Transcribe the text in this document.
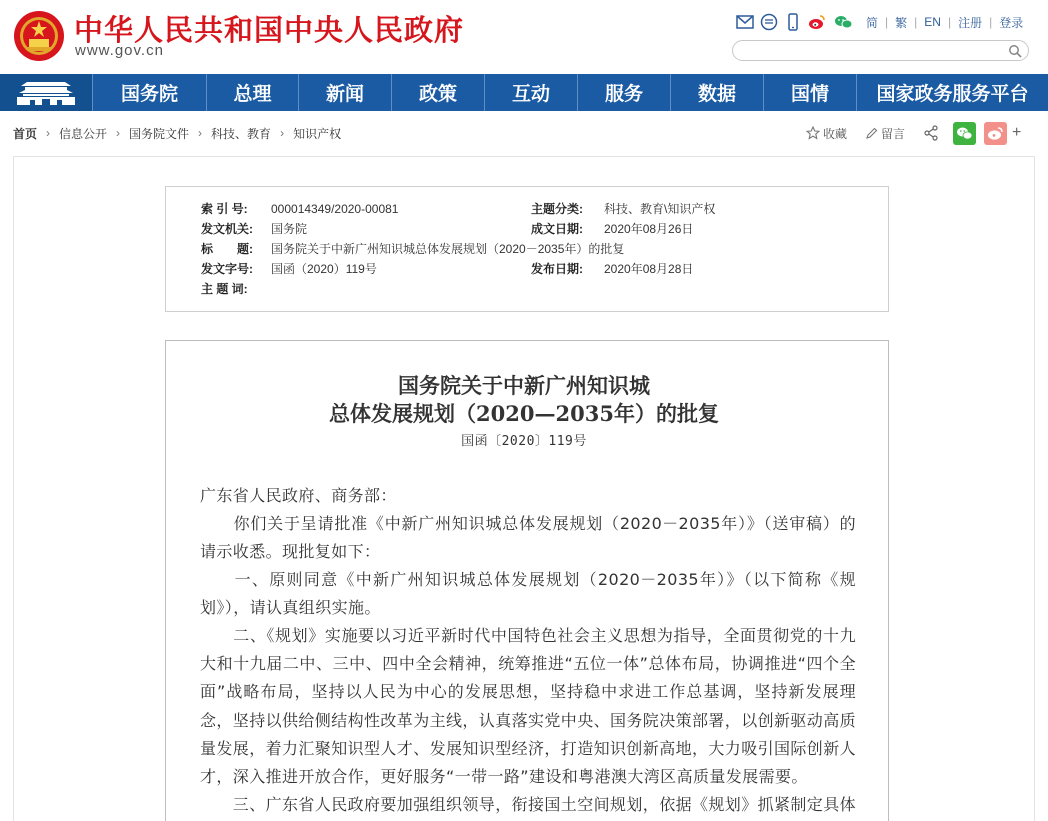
中华人民共和国中央人民政府
www.gov.cn
简 | 繁 | EN | 注册 | 登录
国务院	总理	新闻	政策	互动	服务	数据	国情	国家政务服务平台
首页 › 信息公开 › 国务院文件 › 科技、教育 › 知识产权	收藏	留言	+
索 引 号: 000014349/2020-00081	主题分类: 科技、教育\知识产权
发文机关: 国务院	成文日期: 2020年08月26日
标　　题: 国务院关于中新广州知识城总体发展规划（2020－2035年）的批复
发文字号: 国函（2020）119号	发布日期: 2020年08月28日
主 题 词:
国务院关于中新广州知识城
总体发展规划（2020—2035年）的批复
国函〔2020〕119号
广东省人民政府、商务部：
　　你们关于呈请批准《中新广州知识城总体发展规划（2020－2035年）》（送审稿）的请示收悉。现批复如下：
　　一、原则同意《中新广州知识城总体发展规划（2020－2035年）》（以下简称《规划》），请认真组织实施。
　　二、《规划》实施要以习近平新时代中国特色社会主义思想为指导，全面贯彻党的十九大和十九届二中、三中、四中全会精神，统筹推进“五位一体”总体布局，协调推进“四个全面”战略布局，坚持以人民为中心的发展思想，坚持稳中求进工作总基调，坚持新发展理念，坚持以供给侧结构性改革为主线，认真落实党中央、国务院决策部署，以创新驱动高质量发展，着力汇聚知识型人才、发展知识型经济，打造知识创新高地，大力吸引国际创新人才，深入推进开放合作，更好服务“一带一路”建设和粤港澳大湾区高质量发展需要。
　　三、广东省人民政府要加强组织领导，衔接国土空间规划，依据《规划》抓紧制定具体
